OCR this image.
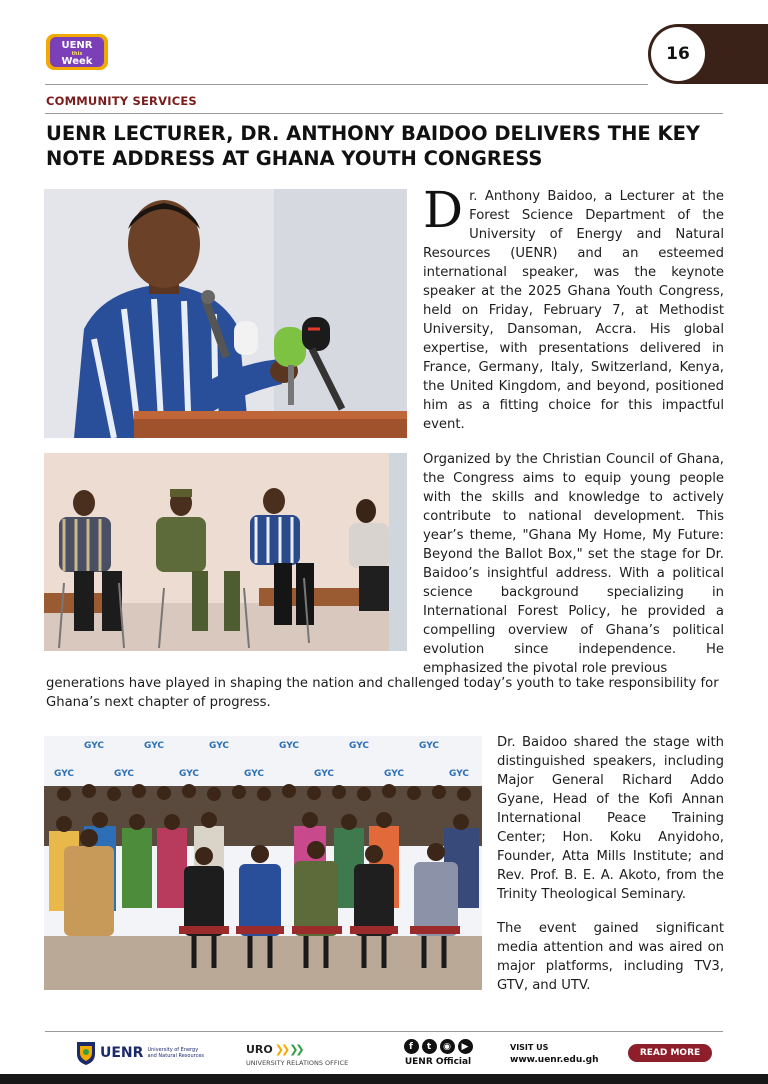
UENR
this
Week	16
COMMUNITY SERVICES
UENR LECTURER, DR. ANTHONY BAIDOO DELIVERS THE KEY NOTE ADDRESS AT GHANA YOUTH CONGRESS
GYC	GYC	GYC	GYC	GYC	GYC
GYC	GYC	GYC	GYC	GYC	GYC	GYC
Dr. Anthony Baidoo, a Lecturer at the Forest Science Department of the University of Energy and Natural Resources (UENR) and an esteemed international speaker, was the keynote speaker at the 2025 Ghana Youth Congress, held on Friday, February 7, at Methodist University, Dansoman, Accra. His global expertise, with presentations delivered in France, Germany, Italy, Switzerland, Kenya, the United Kingdom, and beyond, positioned him as a fitting choice for this impactful event.

Organized by the Christian Council of Ghana, the Congress aims to equip young people with the skills and knowledge to actively contribute to national development. This year’s theme, "Ghana My Home, My Future: Beyond the Ballot Box," set the stage for Dr. Baidoo’s insightful address. With a political science background specializing in International Forest Policy, he provided a compelling overview of Ghana’s political evolution since independence. He emphasized the pivotal role previous

generations have played in shaping the nation and challenged today’s youth to take responsibility for Ghana’s next chapter of progress.

Dr. Baidoo shared the stage with distinguished speakers, including Major General Richard Addo Gyane, Head of the Kofi Annan International Peace Training Center; Hon. Koku Anyidoho, Founder, Atta Mills Institute; and Rev. Prof. B. E. A. Akoto, from the Trinity Theological Seminary.

The event gained significant media attention and was aired on major platforms, including TV3, GTV, and UTV.

UENR University of Energy and Natural Resources	URO ❯❯ ❯❯
UNIVERSITY RELATIONS OFFICE
f	t	◉	▶
UENR Official
VISIT US
www.uenr.edu.gh
READ MORE
